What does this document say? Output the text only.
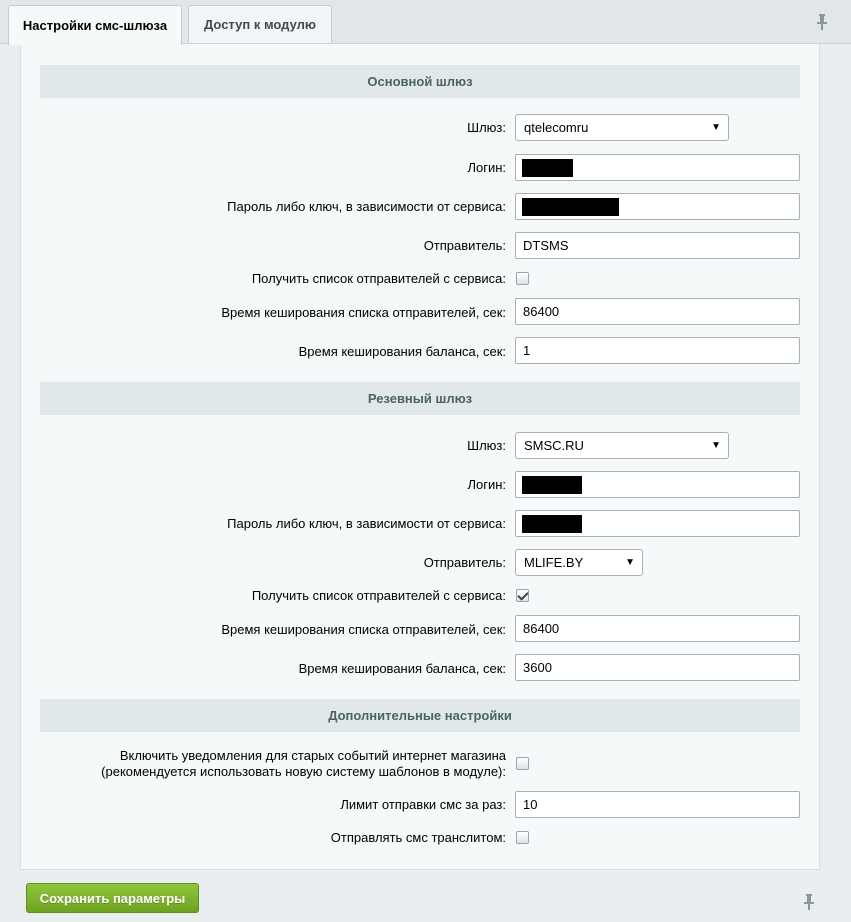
Настройки смс-шлюза	Доступ к модулю
Основной шлюз
Шлюз:	qtelecomru	▼
Логин:
Пароль либо ключ, в зависимости от сервиса:
Отправитель:	DTSMS
Получить список отправителей с сервиса:
Время кеширования списка отправителей, сек:	86400
Время кеширования баланса, сек:	1
Резевный шлюз
Шлюз:	SMSC.RU	▼
Логин:
Пароль либо ключ, в зависимости от сервиса:
Отправитель:	MLIFE.BY	▼
Получить список отправителей с сервиса:
Время кеширования списка отправителей, сек:	86400
Время кеширования баланса, сек:	3600
Дополнительные настройки
Включить уведомления для старых событий интернет магазина
(рекомендуется использовать новую систему шаблонов в модуле):
Лимит отправки смс за раз:	10
Отправлять смс транслитом:
Сохранить параметры
